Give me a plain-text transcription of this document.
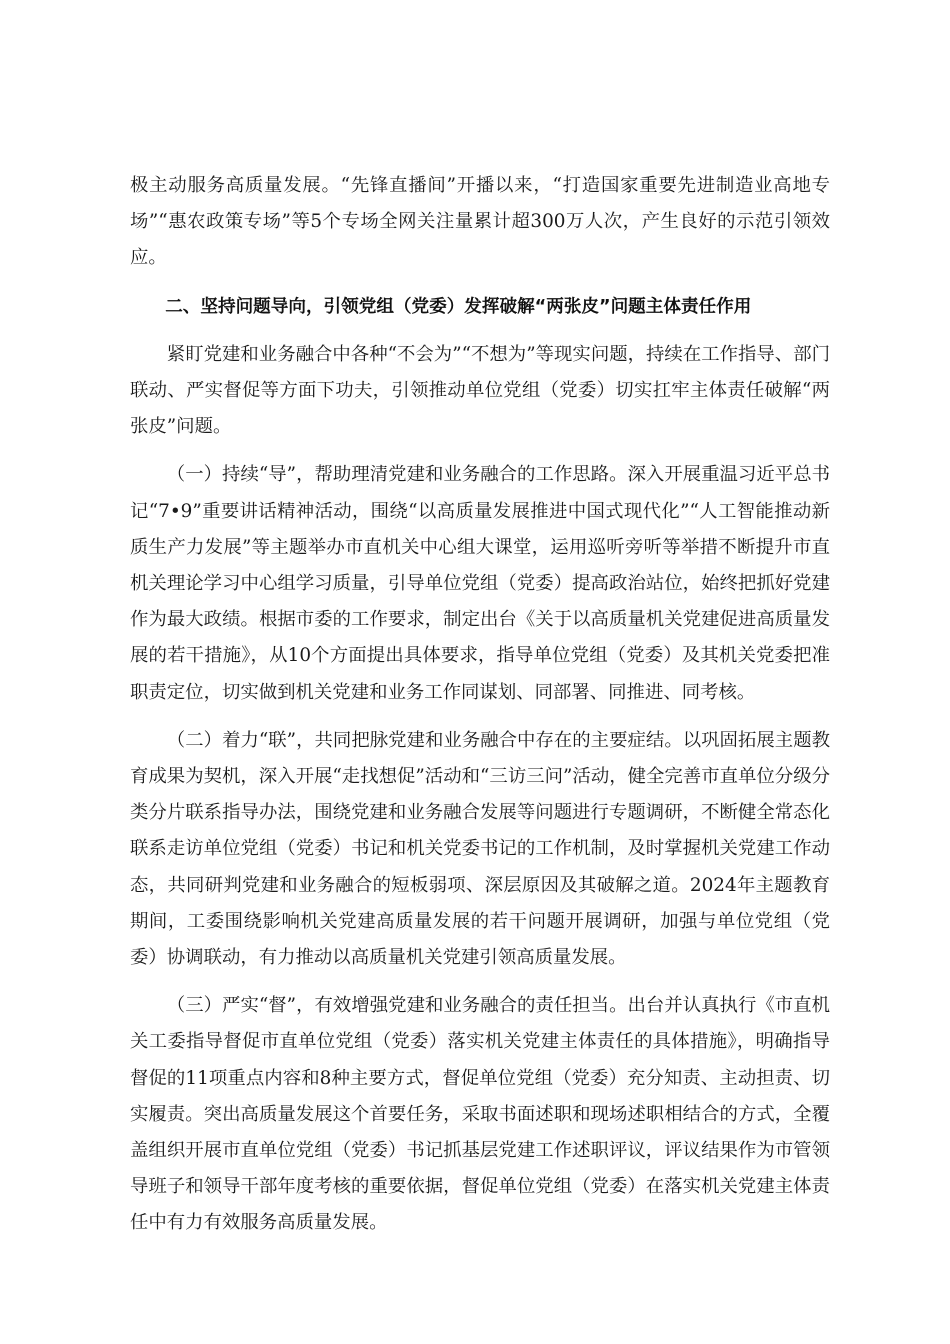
极主动服务高质量发展。“先锋直播间”开播以来，“打造国家重要先进制造业高地专场”“惠农政策专场”等5个专场全网关注量累计超300万人次，产生良好的示范引领效应。

二、坚持问题导向，引领党组（党委）发挥破解“两张皮”问题主体责任作用

紧盯党建和业务融合中各种“不会为”“不想为”等现实问题，持续在工作指导、部门联动、严实督促等方面下功夫，引领推动单位党组（党委）切实扛牢主体责任破解“两张皮”问题。

（一）持续“导”，帮助理清党建和业务融合的工作思路。深入开展重温习近平总书记“7•9”重要讲话精神活动，围绕“以高质量发展推进中国式现代化”“人工智能推动新质生产力发展”等主题举办市直机关中心组大课堂，运用巡听旁听等举措不断提升市直机关理论学习中心组学习质量，引导单位党组（党委）提高政治站位，始终把抓好党建作为最大政绩。根据市委的工作要求，制定出台《关于以高质量机关党建促进高质量发展的若干措施》，从10个方面提出具体要求，指导单位党组（党委）及其机关党委把准职责定位，切实做到机关党建和业务工作同谋划、同部署、同推进、同考核。

（二）着力“联”，共同把脉党建和业务融合中存在的主要症结。以巩固拓展主题教育成果为契机，深入开展“走找想促”活动和“三访三问”活动，健全完善市直单位分级分类分片联系指导办法，围绕党建和业务融合发展等问题进行专题调研，不断健全常态化联系走访单位党组（党委）书记和机关党委书记的工作机制，及时掌握机关党建工作动态，共同研判党建和业务融合的短板弱项、深层原因及其破解之道。2024年主题教育期间，工委围绕影响机关党建高质量发展的若干问题开展调研，加强与单位党组（党委）协调联动，有力推动以高质量机关党建引领高质量发展。

（三）严实“督”，有效增强党建和业务融合的责任担当。出台并认真执行《市直机关工委指导督促市直单位党组（党委）落实机关党建主体责任的具体措施》，明确指导督促的11项重点内容和8种主要方式，督促单位党组（党委）充分知责、主动担责、切实履责。突出高质量发展这个首要任务，采取书面述职和现场述职相结合的方式，全覆盖组织开展市直单位党组（党委）书记抓基层党建工作述职评议，评议结果作为市管领导班子和领导干部年度考核的重要依据，督促单位党组（党委）在落实机关党建主体责任中有力有效服务高质量发展。
